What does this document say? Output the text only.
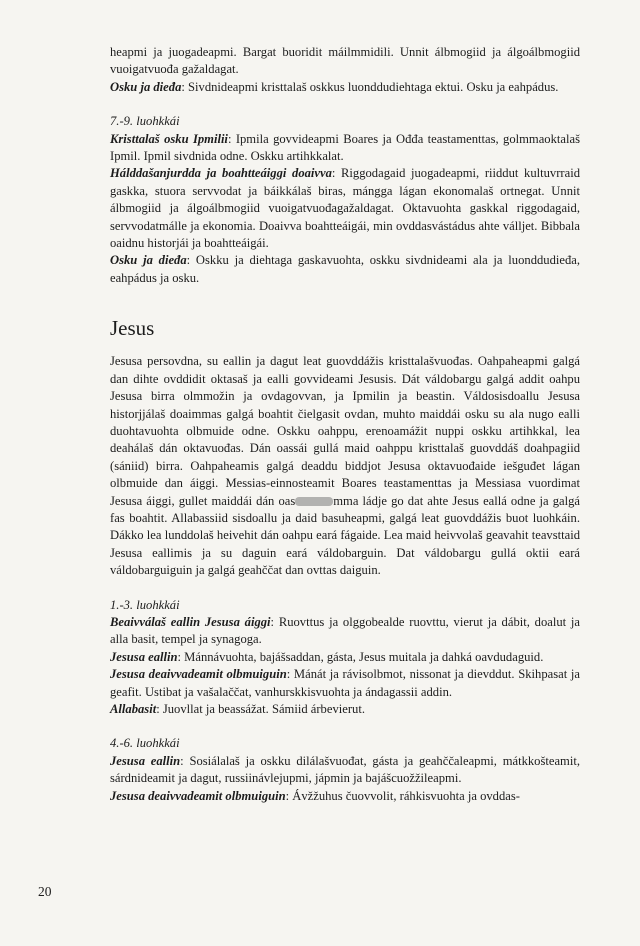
heapmi ja juogadeapmi. Bargat buoridit máilmmidili. Unnit álbmogiid ja álgoálbmogiid vuoigatvuođa gažaldagat.

Osku ja dieđa: Sivdnideapmi kristtalaš oskkus luonddudiehtaga ektui. Osku ja eahpádus.

7.-9. luohkkái

Kristtalaš osku Ipmilii: Ipmila govvideapmi Boares ja Ođđa teastamenttas, golmmaoktalaš Ipmil. Ipmil sivdnida odne. Oskku artihkkalat.

Hálddašanjurdda ja boahtteáiggi doaivva: Riggodagaid juogadeapmi, riiddut kultuvrraid gaskka, stuora servvodat ja báikkálaš biras, mángga lágan ekonomalaš ortnegat. Unnit álbmogiid ja álgoálbmogiid vuoigatvuođagažaldagat. Oktavuohta gaskkal riggodagaid, servvodatmálle ja ekonomia. Doaivva boahtteáigái, min ovddasvástádus ahte válljet. Bibbala oaidnu historjái ja boahtteáigái.

Osku ja dieđa: Oskku ja diehtaga gaskavuohta, oskku sivdnideami ala ja luonddudieđa, eahpádus ja osku.

Jesus

Jesusa persovdna, su eallin ja dagut leat guovddážis kristtalašvuođas. Oahpaheapmi galgá dan dihte ovddidit oktasaš ja ealli govvideami Jesusis. Dát váldobargu galgá addit oahpu Jesusa birra olmmožin ja ovdagovvan, ja Ipmilin ja beastin. Váldosisdoallu Jesusa historjjálaš doaimmas galgá boahtit čielgasit ovdan, muhto maiddái osku su ala nugo ealli duohtavuohta olbmuide odne. Oskku oahppu, erenoamážit nuppi oskku artihkkal, lea deahálaš dán oktavuođas. Dán oassái gullá maid oahppu kristtalaš guovddáš doahpagiid (sániid) birra. Oahpaheamis galgá deaddu biddjot Jesusa oktavuođaide iešguđet lágan olbmuide dan áiggi. Messias-einnosteamit Boares teastamenttas ja Messiasa vuordimat Jesusa áiggi, gullet maiddái dán oas	mma ládje go dat ahte Jesus eallá odne ja galgá fas boahtit. Allabassiid sisdoallu ja daid basuheapmi, galgá leat guovddážis buot luohkáin. Dákko lea lunddolaš heivehit dán oahpu eará fágaide. Lea maid heivvolaš geavahit teavsttaid Jesusa eallimis ja su daguin eará váldobarguin. Dat váldobargu gullá oktii eará váldobarguiguin ja galgá geahččat dan ovttas daiguin.

1.-3. luohkkái

Beaivválaš eallin Jesusa áiggi: Ruovttus ja olggobealde ruovttu, vierut ja dábit, doalut ja alla basit, tempel ja synagoga.

Jesusa eallin: Mánnávuohta, bajášsaddan, gásta, Jesus muitala ja dahká oavdudaguid.

Jesusa deaivvadeamit olbmuiguin: Mánát ja rávisolbmot, nissonat ja dievddut. Skihpasat ja geafit. Ustibat ja vašalaččat, vanhurskkisvuohta ja ándagassii addin.

Allabasit: Juovllat ja beassážat. Sámiid árbevierut.

4.-6. luohkkái

Jesusa eallin: Sosiálalaš ja oskku dilálašvuođat, gásta ja geahččaleapmi, mátkkošteamit, sárdnideamit ja dagut, russiinávlejupmi, jápmin ja bajášcuožžileapmi.

Jesusa deaivvadeamit olbmuiguin: Ávžžuhus čuovvolit, ráhkisvuohta ja ovddas-

20
